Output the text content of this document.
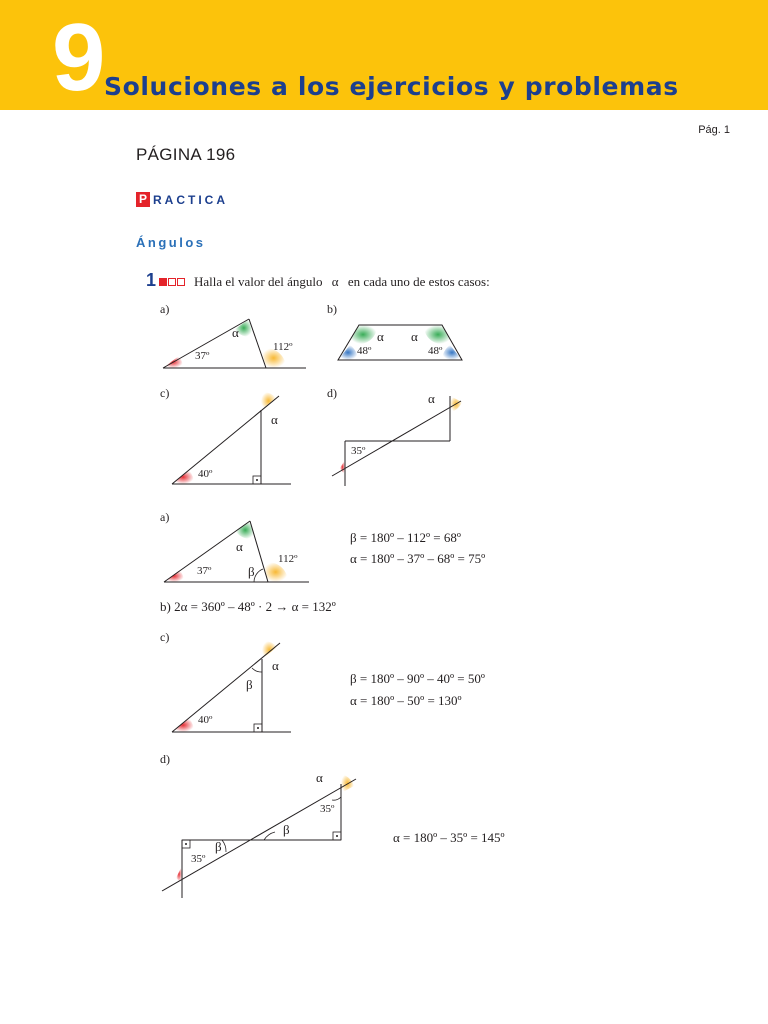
9 Soluciones a los ejercicios y problemas
Pág. 1
PÁGINA 196
P RACTICA
Ángulos
1	Halla el valor del ángulo α en cada uno de estos casos:
a)	b)
c)	d)
a)
β = 180º – 112º = 68º
α = 180º – 37º – 68º = 75º
b) 2α = 360º – 48º · 2 → α = 132º
c)
β = 180º – 90º – 40º = 50º
α = 180º – 50º = 130º
d)
α = 180º – 35º = 145º
37º
α
112º
α α
48º	48º
40º
α
α
35º
37º
α
112º
β
40º
α
β
α
35º
35º
β
β
